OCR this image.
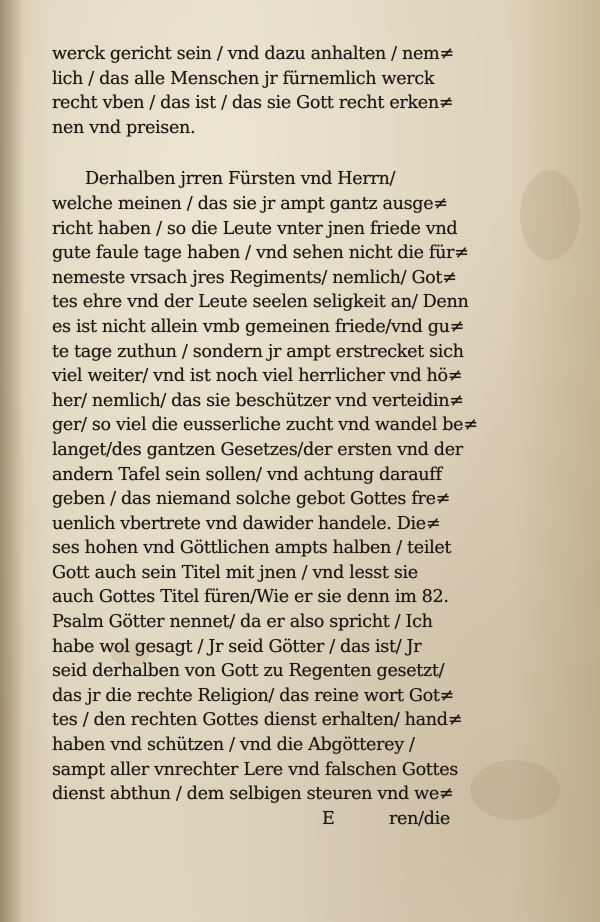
werck gericht sein / vnd dazu anhalten / nem≠
lich / das alle Menschen jr fürnemlich werck
recht vben / das ist / das sie Gott recht erken≠
nen vnd preisen.
Derhalben jrren Fürsten vnd Herrn/
welche meinen / das sie jr ampt gantz ausge≠
richt haben / so die Leute vnter jnen friede vnd
gute faule tage haben / vnd sehen nicht die für≠
nemeste vrsach jres Regiments/ nemlich/ Got≠
tes ehre vnd der Leute seelen seligkeit an/ Denn
es ist nicht allein vmb gemeinen friede/vnd gu≠
te tage zuthun / sondern jr ampt erstrecket sich
viel weiter/ vnd ist noch viel herrlicher vnd hö≠
her/ nemlich/ das sie beschützer vnd verteidin≠
ger/ so viel die eusserliche zucht vnd wandel be≠
langet/des gantzen Gesetzes/der ersten vnd der
andern Tafel sein sollen/ vnd achtung darauff
geben / das niemand solche gebot Gottes fre≠
uenlich vbertrete vnd dawider handele. Die≠
ses hohen vnd Göttlichen ampts halben / teilet
Gott auch sein Titel mit jnen / vnd lesst sie
auch Gottes Titel füren/Wie er sie denn im 82.
Psalm Götter nennet/ da er also spricht / Ich
habe wol gesagt / Jr seid Götter / das ist/ Jr
seid derhalben von Gott zu Regenten gesetzt/
das jr die rechte Religion/ das reine wort Got≠
tes / den rechten Gottes dienst erhalten/ hand≠
haben vnd schützen / vnd die Abgötterey /
sampt aller vnrechter Lere vnd falschen Gottes
dienst abthun / dem selbigen steuren vnd we≠
E	ren/die
